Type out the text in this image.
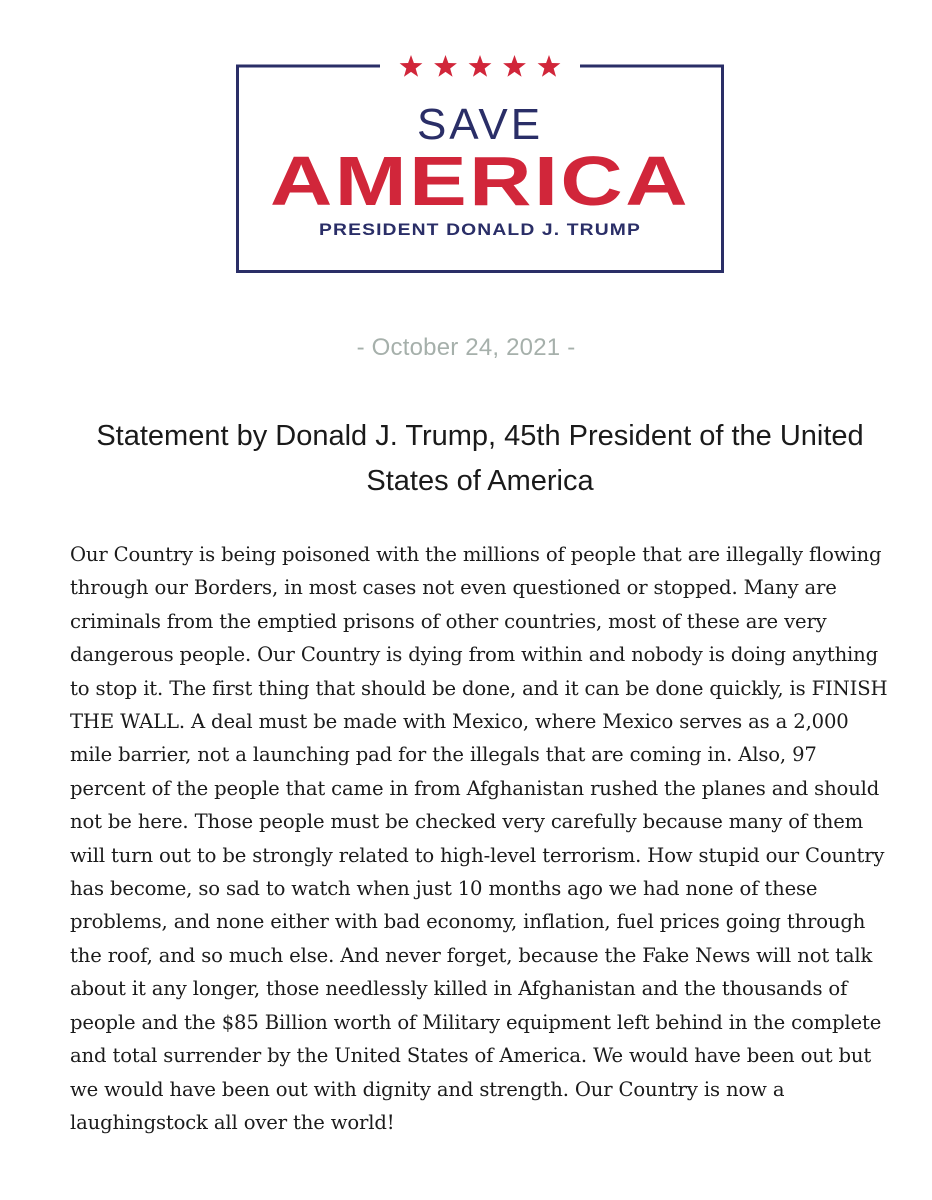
SAVE
AMERICA
PRESIDENT DONALD J. TRUMP
- October 24, 2021 -
Statement by Donald J. Trump, 45th President of the United States of America
Our Country is being poisoned with the millions of people that are illegally flowing through our Borders, in most cases not even questioned or stopped. Many are criminals from the emptied prisons of other countries, most of these are very dangerous people. Our Country is dying from within and nobody is doing anything to stop it. The first thing that should be done, and it can be done quickly, is FINISH THE WALL. A deal must be made with Mexico, where Mexico serves as a 2,000 mile barrier, not a launching pad for the illegals that are coming in. Also, 97 percent of the people that came in from Afghanistan rushed the planes and should not be here. Those people must be checked very carefully because many of them will turn out to be strongly related to high-level terrorism. How stupid our Country has become, so sad to watch when just 10 months ago we had none of these problems, and none either with bad economy, inflation, fuel prices going through the roof, and so much else. And never forget, because the Fake News will not talk about it any longer, those needlessly killed in Afghanistan and the thousands of people and the $85 Billion worth of Military equipment left behind in the complete and total surrender by the United States of America. We would have been out but we would have been out with dignity and strength. Our Country is now a laughingstock all over the world!
